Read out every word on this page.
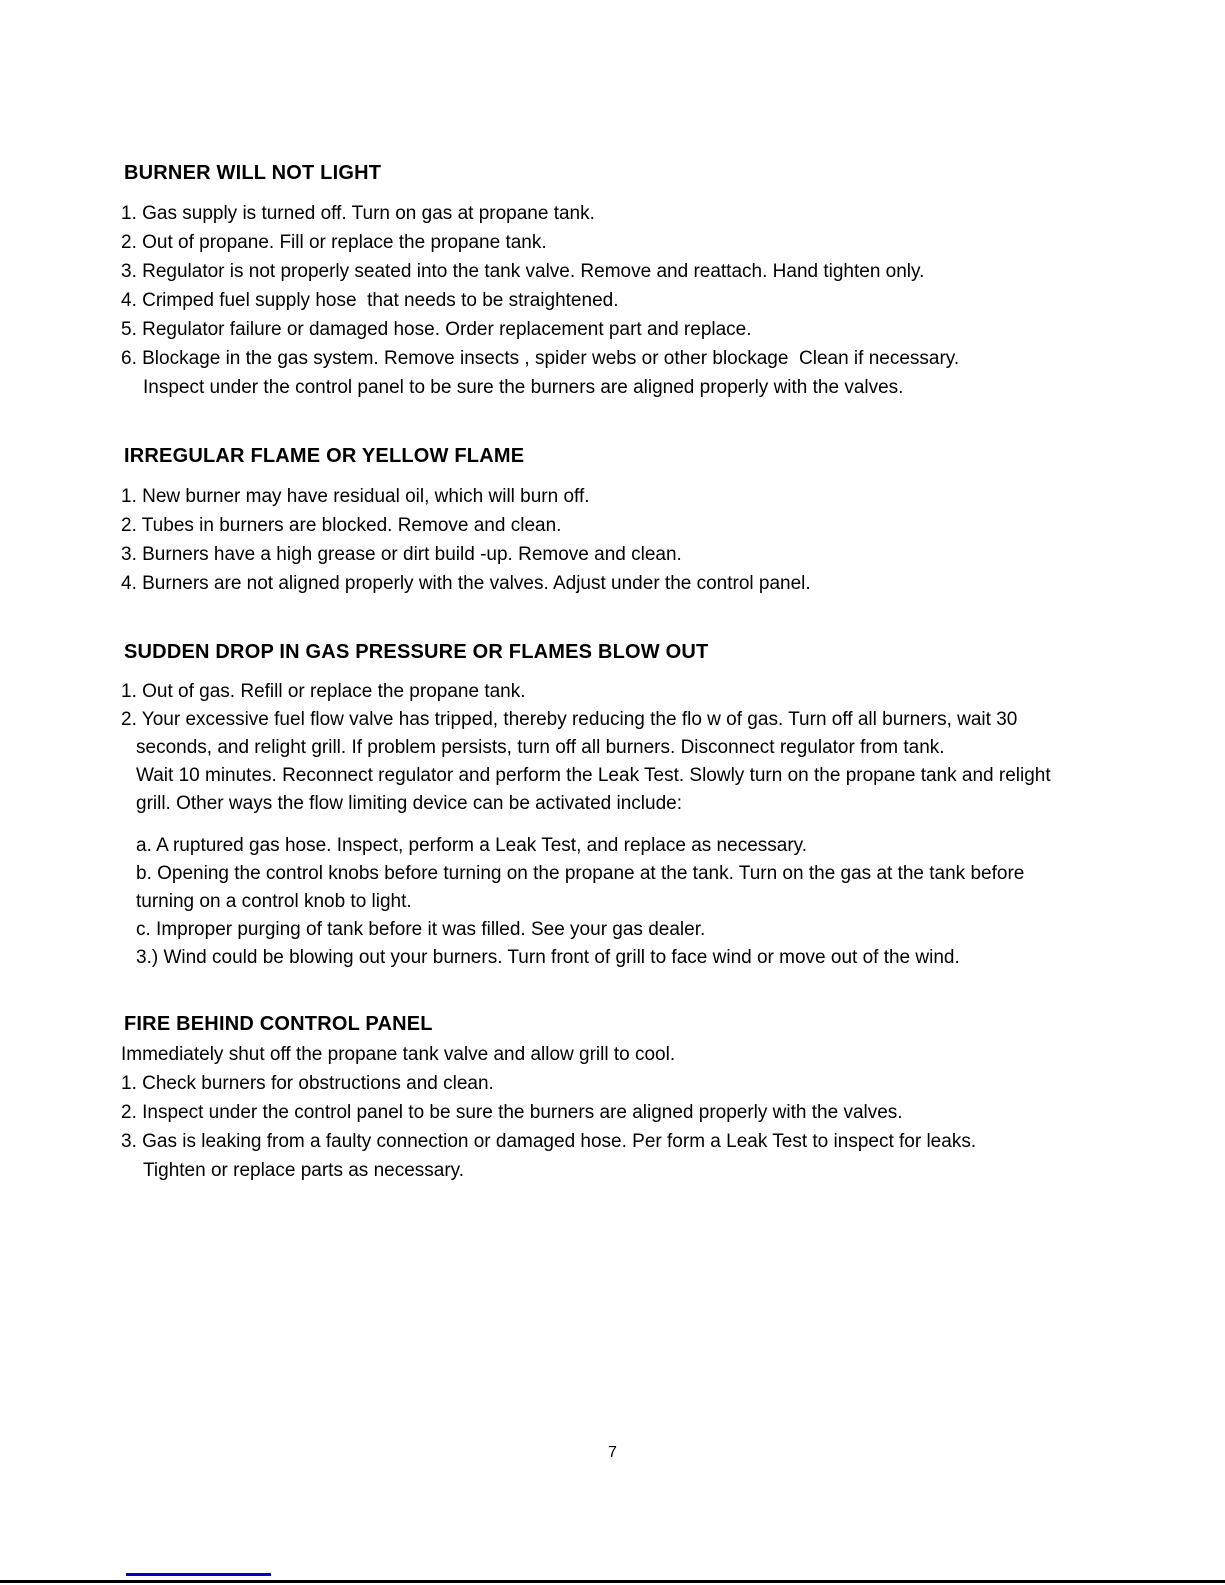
BURNER WILL NOT LIGHT
1. Gas supply is turned off. Turn on gas at propane tank.
2. Out of propane. Fill or replace the propane tank.
3. Regulator is not properly seated into the tank valve. Remove and reattach. Hand tighten only.
4. Crimped fuel supply hose  that needs to be straightened.
5. Regulator failure or damaged hose. Order replacement part and replace.
6. Blockage in the gas system. Remove insects , spider webs or other blockage  Clean if necessary.
Inspect under the control panel to be sure the burners are aligned properly with the valves.
IRREGULAR FLAME OR YELLOW FLAME
1. New burner may have residual oil, which will burn off.
2. Tubes in burners are blocked. Remove and clean.
3. Burners have a high grease or dirt build -up. Remove and clean.
4. Burners are not aligned properly with the valves. Adjust under the control panel.
SUDDEN DROP IN GAS PRESSURE OR FLAMES BLOW OUT
1. Out of gas. Refill or replace the propane tank.
2. Your excessive fuel flow valve has tripped, thereby reducing the flo w of gas. Turn off all burners, wait 30
seconds, and relight grill. If problem persists, turn off all burners. Disconnect regulator from tank.
Wait 10 minutes. Reconnect regulator and perform the Leak Test. Slowly turn on the propane tank and relight
grill. Other ways the flow limiting device can be activated include:
a. A ruptured gas hose. Inspect, perform a Leak Test, and replace as necessary.
b. Opening the control knobs before turning on the propane at the tank. Turn on the gas at the tank before
turning on a control knob to light.
c. Improper purging of tank before it was filled. See your gas dealer.
3.) Wind could be blowing out your burners. Turn front of grill to face wind or move out of the wind.
FIRE BEHIND CONTROL PANEL
Immediately shut off the propane tank valve and allow grill to cool.
1. Check burners for obstructions and clean.
2. Inspect under the control panel to be sure the burners are aligned properly with the valves.
3. Gas is leaking from a faulty connection or damaged hose. Per form a Leak Test to inspect for leaks.
Tighten or replace parts as necessary.
7
